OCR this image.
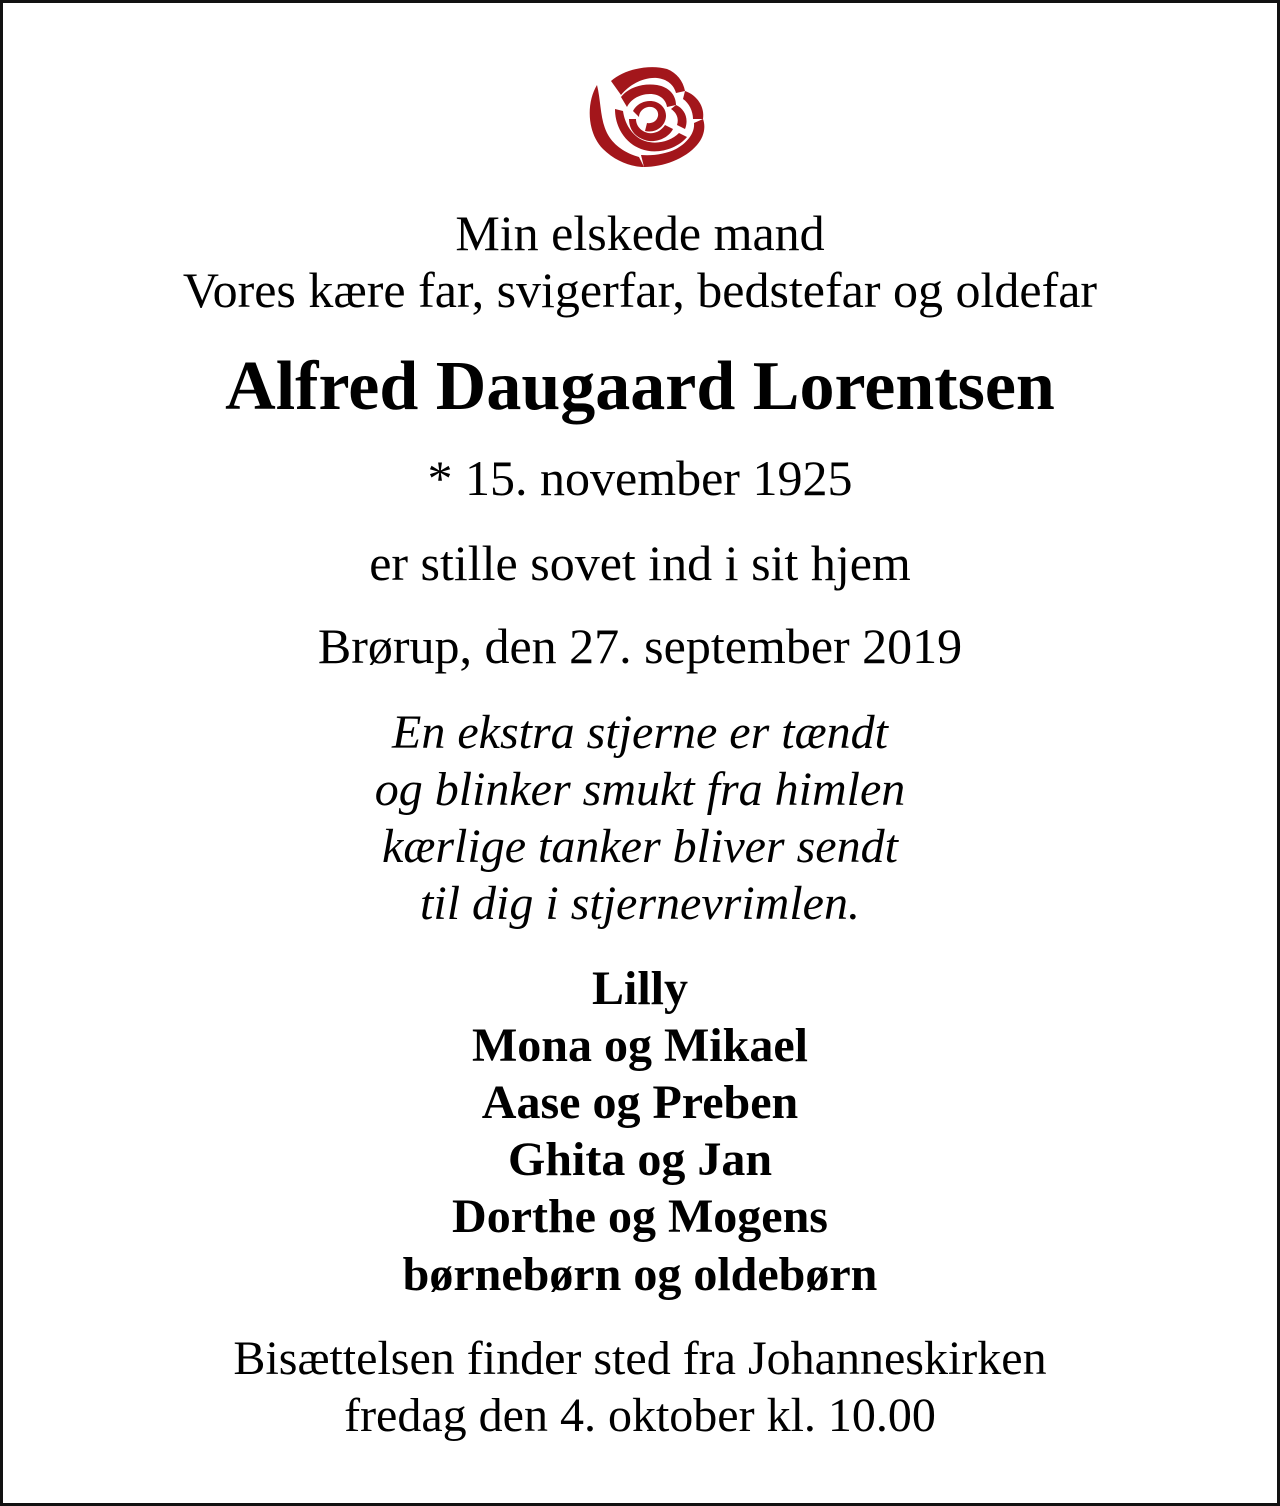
Min elskede mand
Vores kære far, svigerfar, bedstefar og oldefar
Alfred Daugaard Lorentsen
* 15. november 1925
er stille sovet ind i sit hjem
Brørup, den 27. september 2019
En ekstra stjerne er tændt
og blinker smukt fra himlen
kærlige tanker bliver sendt
til dig i stjernevrimlen.
Lilly
Mona og Mikael
Aase og Preben
Ghita og Jan
Dorthe og Mogens
børnebørn og oldebørn
Bisættelsen finder sted fra Johanneskirken
fredag den 4. oktober kl. 10.00
